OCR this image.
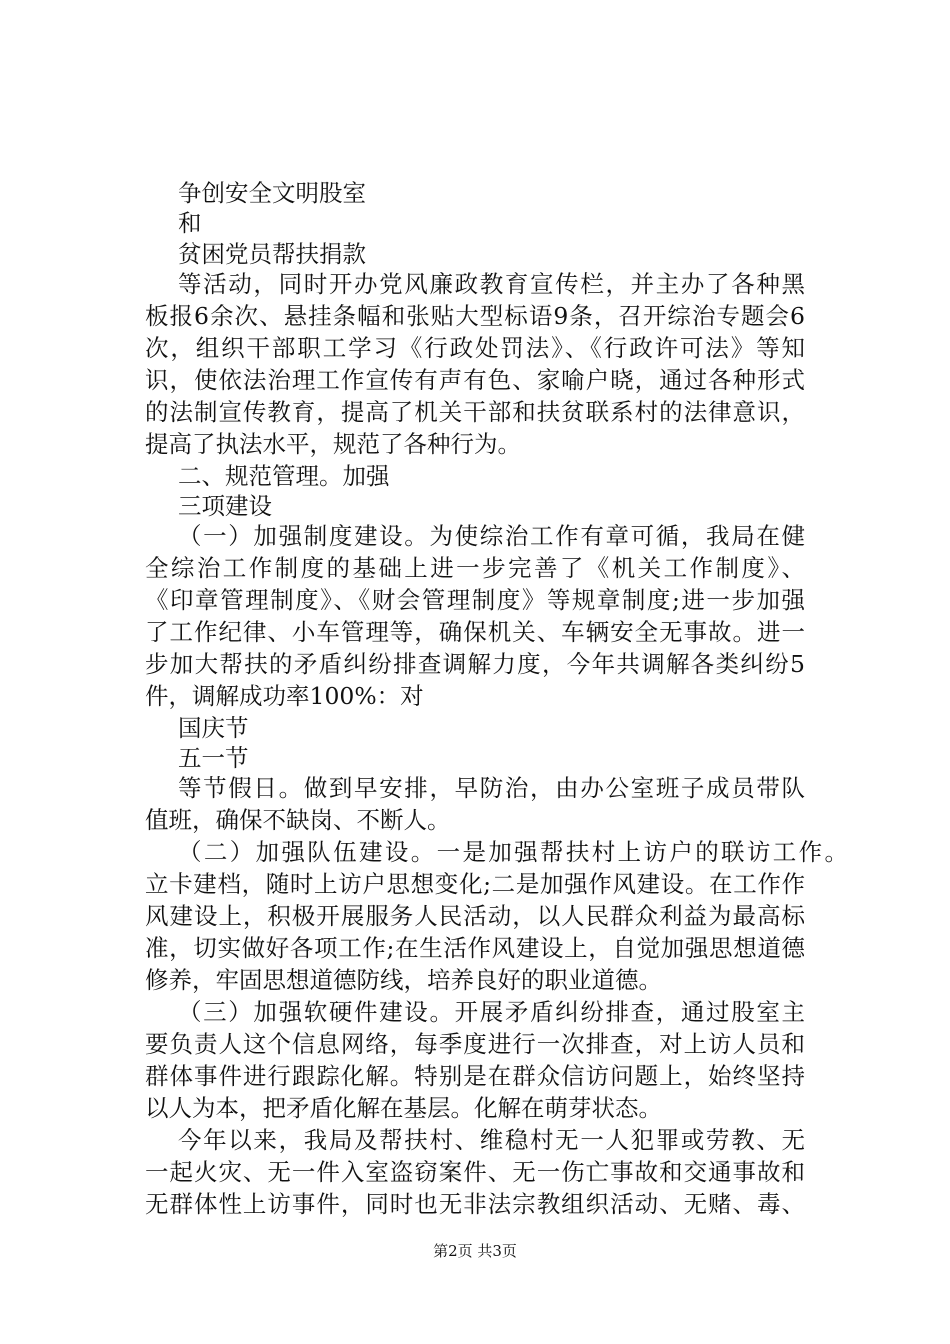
争创安全文明股室
和
贫困党员帮扶捐款
等活动，同时开办党风廉政教育宣传栏，并主办了各种黑
板报6余次、悬挂条幅和张贴大型标语9条，召开综治专题会6
次，组织干部职工学习《行政处罚法》、《行政许可法》等知
识，使依法治理工作宣传有声有色、家喻户晓，通过各种形式
的法制宣传教育，提高了机关干部和扶贫联系村的法律意识，
提高了执法水平，规范了各种行为。
二、规范管理。加强
三项建设
（一）加强制度建设。为使综治工作有章可循，我局在健
全综治工作制度的基础上进一步完善了《机关工作制度》、
《印章管理制度》、《财会管理制度》等规章制度;进一步加强
了工作纪律、小车管理等，确保机关、车辆安全无事故。进一
步加大帮扶的矛盾纠纷排查调解力度，今年共调解各类纠纷5
件，调解成功率100%：对
国庆节
五一节
等节假日。做到早安排，早防治，由办公室班子成员带队
值班，确保不缺岗、不断人。
（二）加强队伍建设。一是加强帮扶村上访户的联访工作。
立卡建档，随时上访户思想变化;二是加强作风建设。在工作作
风建设上，积极开展服务人民活动，以人民群众利益为最高标
准，切实做好各项工作;在生活作风建设上，自觉加强思想道德
修养，牢固思想道德防线，培养良好的职业道德。
（三）加强软硬件建设。开展矛盾纠纷排查，通过股室主
要负责人这个信息网络，每季度进行一次排查，对上访人员和
群体事件进行跟踪化解。特别是在群众信访问题上，始终坚持
以人为本，把矛盾化解在基层。化解在萌芽状态。
今年以来，我局及帮扶村、维稳村无一人犯罪或劳教、无
一起火灾、无一件入室盗窃案件、无一伤亡事故和交通事故和
无群体性上访事件，同时也无非法宗教组织活动、无赌、毒、
第2页 共3页
